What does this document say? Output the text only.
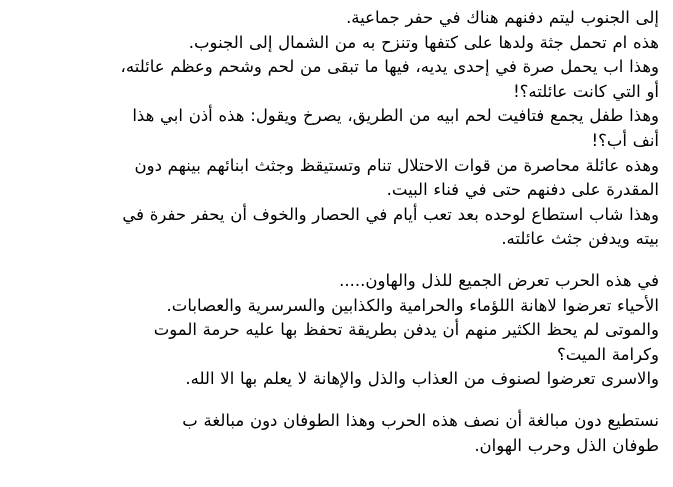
إلى الجنوب ليتم دفنهم هناك في حفر جماعية.

هذه ام تحمل جثة ولدها على كتفها وتنزح به من الشمال إلى الجنوب.

وهذا اب يحمل صرة في إحدى يديه، فيها ما تبقى من لحم وشحم وعظم عائلته،

أو التي كانت عائلته؟!

وهذا طفل يجمع فتافيت لحم ابيه من الطريق، يصرخ ويقول: هذه أذن ابي هذا

أنف أب؟!

وهذه عائلة محاصرة من قوات الاحتلال تنام وتستيقظ وجثث ابنائهم بينهم دون

المقدرة على دفنهم حتى في فناء البيت.

وهذا شاب استطاع لوحده بعد تعب أيام في الحصار والخوف أن يحفر حفرة في

بيته ويدفن جثث عائلته.

في هذه الحرب تعرض الجميع للذل والهاون.....

الأحياء تعرضوا لاهانة اللؤماء والحرامية والكذابين والسرسرية والعصابات.

والموتى لم يحظ الكثير منهم أن يدفن بطريقة تحفظ بها عليه حرمة الموت

وكرامة الميت؟

والاسرى تعرضوا لصنوف من العذاب والذل والإهانة لا يعلم بها الا الله.

نستطيع دون مبالغة أن نصف هذه الحرب وهذا الطوفان دون مبالغة ب

طوفان الذل وحرب الهوان.
